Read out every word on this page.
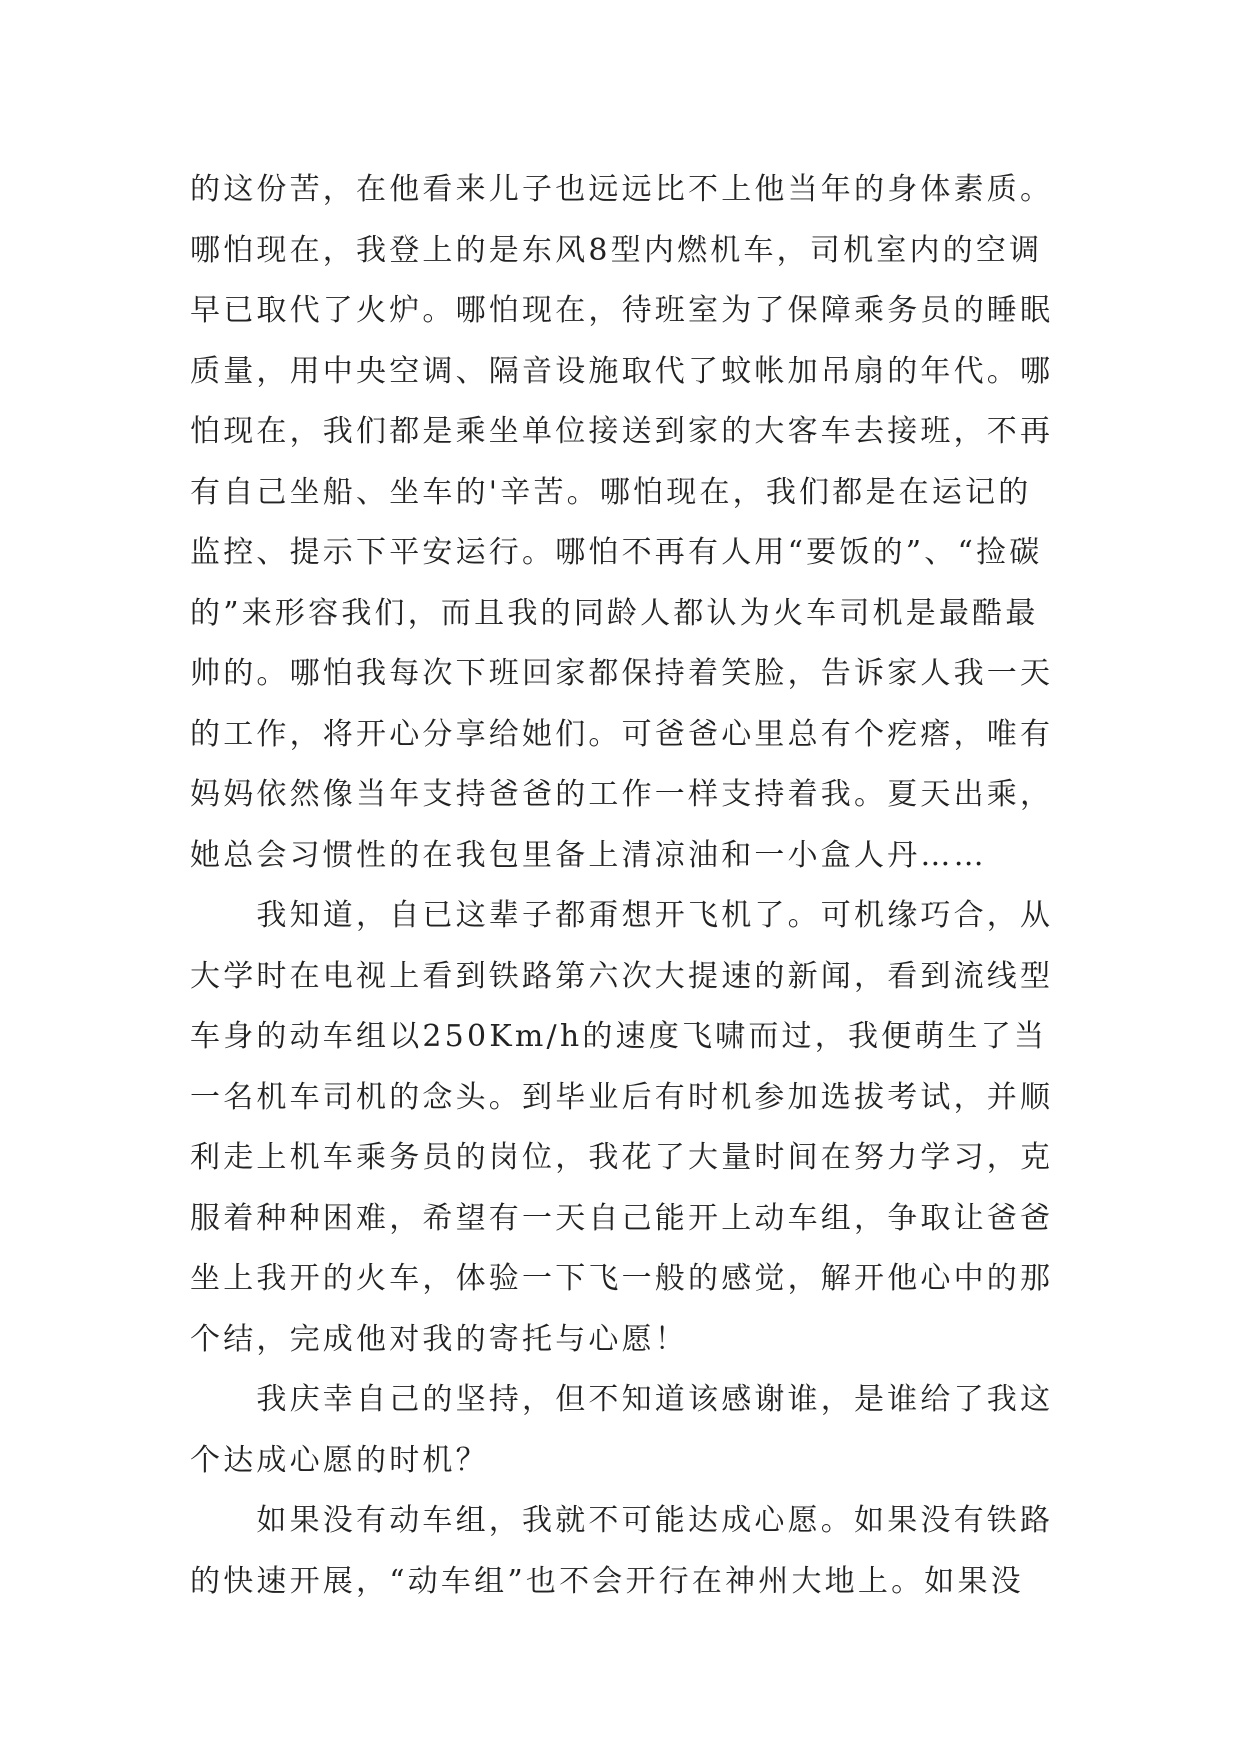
的这份苦，在他看来儿子也远远比不上他当年的身体素质。哪怕现在，我登上的是东风8型内燃机车，司机室内的空调早已取代了火炉。哪怕现在，待班室为了保障乘务员的睡眠质量，用中央空调、隔音设施取代了蚊帐加吊扇的年代。哪怕现在，我们都是乘坐单位接送到家的大客车去接班，不再有自己坐船、坐车的'辛苦。哪怕现在，我们都是在运记的监控、提示下平安运行。哪怕不再有人用“要饭的”、“捡碳的”来形容我们，而且我的同龄人都认为火车司机是最酷最帅的。哪怕我每次下班回家都保持着笑脸，告诉家人我一天的工作，将开心分享给她们。可爸爸心里总有个疙瘩，唯有妈妈依然像当年支持爸爸的工作一样支持着我。夏天出乘，她总会习惯性的在我包里备上清凉油和一小盒人丹……

　　我知道，自已这辈子都甭想开飞机了。可机缘巧合，从大学时在电视上看到铁路第六次大提速的新闻，看到流线型车身的动车组以250Km/h的速度飞啸而过，我便萌生了当一名机车司机的念头。到毕业后有时机参加选拔考试，并顺利走上机车乘务员的岗位，我花了大量时间在努力学习，克服着种种困难，希望有一天自己能开上动车组，争取让爸爸坐上我开的火车，体验一下飞一般的感觉，解开他心中的那个结，完成他对我的寄托与心愿！

　　我庆幸自己的坚持，但不知道该感谢谁，是谁给了我这个达成心愿的时机？

　　如果没有动车组，我就不可能达成心愿。如果没有铁路的快速开展，“动车组”也不会开行在神州大地上。如果没
